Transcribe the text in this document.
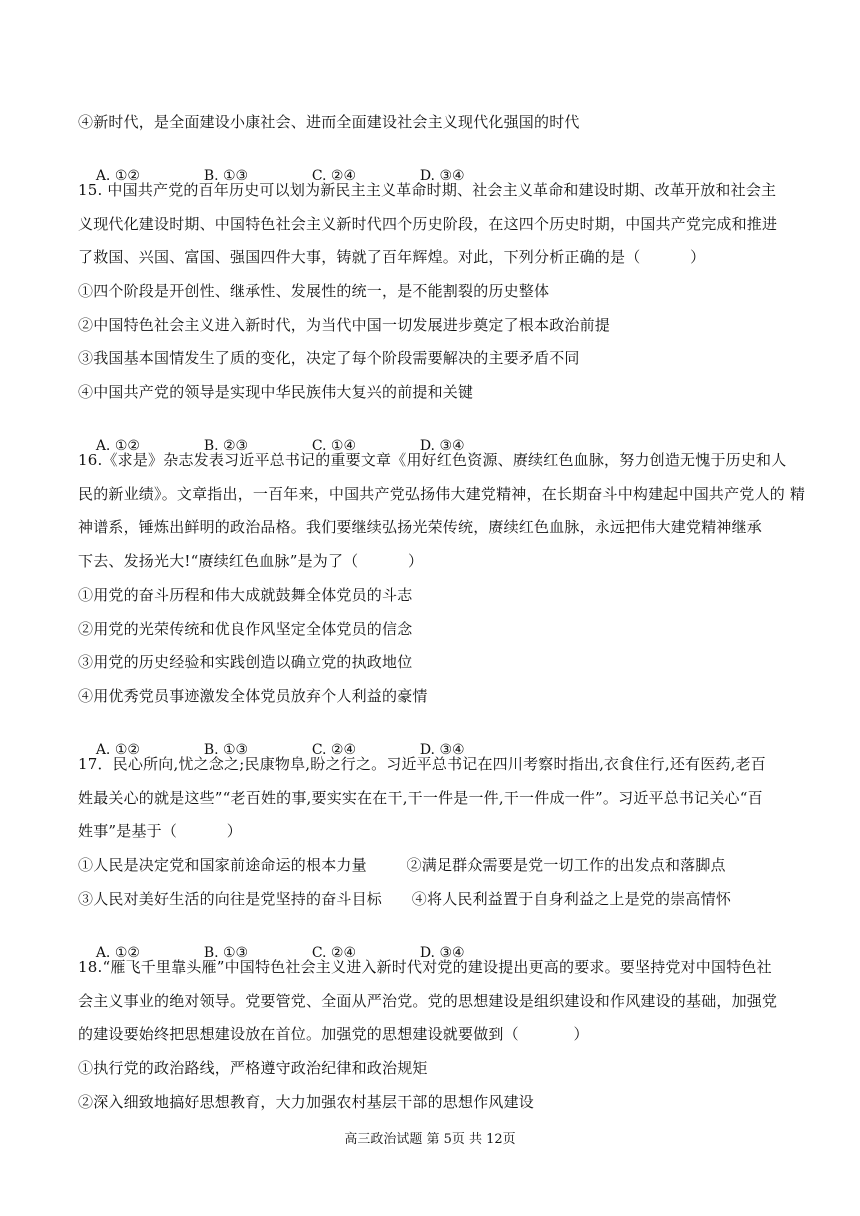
④新时代，是全面建设小康社会、进而全面建设社会主义现代化强国的时代

A. ①②	B. ①③	C. ②④	D. ③④

15. 中国共产党的百年历史可以划为新民主主义革命时期、社会主义革命和建设时期、改革开放和社会主
义现代化建设时期、中国特色社会主义新时代四个历史阶段，在这四个历史时期，中国共产党完成和推进
了救国、兴国、富国、强国四件大事，铸就了百年辉煌。对此，下列分析正确的是（          ）
①四个阶段是开创性、继承性、发展性的统一，是不能割裂的历史整体
②中国特色社会主义进入新时代，为当代中国一切发展进步奠定了根本政治前提
③我国基本国情发生了质的变化，决定了每个阶段需要解决的主要矛盾不同
④中国共产党的领导是实现中华民族伟大复兴的前提和关键

A. ①②	B. ②③	C. ①④	D. ③④

16.《求是》杂志发表习近平总书记的重要文章《用好红色资源、赓续红色血脉，努力创造无愧于历史和人
民的新业绩》。文章指出，一百年来，中国共产党弘扬伟大建党精神，在长期奋斗中构建起中国共产党人的 精
神谱系，锤炼出鲜明的政治品格。我们要继续弘扬光荣传统，赓续红色血脉，永远把伟大建党精神继承
下去、发扬光大!“赓续红色血脉”是为了（          ）
①用党的奋斗历程和伟大成就鼓舞全体党员的斗志
②用党的光荣传统和优良作风坚定全体党员的信念
③用党的历史经验和实践创造以确立党的执政地位
④用优秀党员事迹激发全体党员放弃个人利益的豪情

A. ①②	B. ①③	C. ②④	D. ③④

17．民心所向,忧之念之;民康物阜,盼之行之。习近平总书记在四川考察时指出,衣食住行,还有医药,老百
姓最关心的就是这些”“老百姓的事,要实实在在干,干一件是一件,干一件成一件”。习近平总书记关心“百
姓事”是基于（          ）
①人民是决定党和国家前途命运的根本力量        ②满足群众需要是党一切工作的出发点和落脚点
③人民对美好生活的向往是党坚持的奋斗目标      ④将人民利益置于自身利益之上是党的崇高情怀

A. ①②	B. ①③	C. ②④	D. ③④

18.“雁飞千里靠头雁”中国特色社会主义进入新时代对党的建设提出更高的要求。要坚持党对中国特色社
会主义事业的绝对领导。党要管党、全面从严治党。党的思想建设是组织建设和作风建设的基础，加强党
的建设要始终把思想建设放在首位。加强党的思想建设就要做到（           ）
①执行党的政治路线，严格遵守政治纪律和政治规矩
②深入细致地搞好思想教育，大力加强农村基层干部的思想作风建设
高三政治试题 第 5页 共 12页
